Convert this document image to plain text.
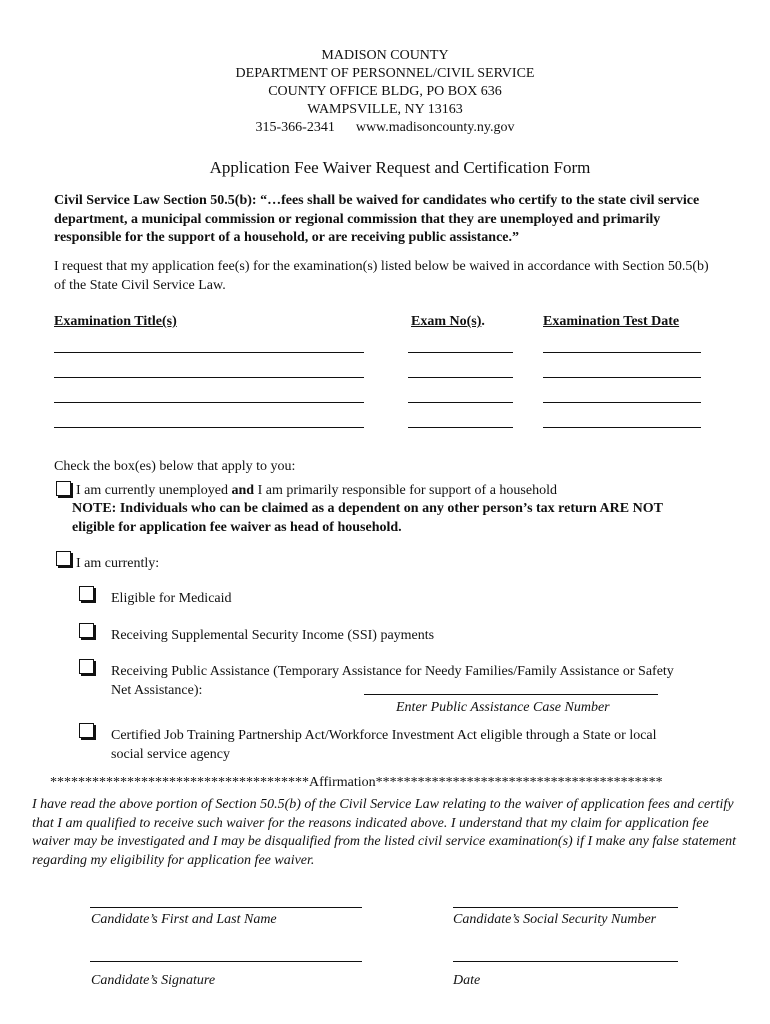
MADISON COUNTY
DEPARTMENT OF PERSONNEL/CIVIL SERVICE
COUNTY OFFICE BLDG, PO BOX 636
WAMPSVILLE, NY 13163
315-366-2341 www.madisoncounty.ny.gov
Application Fee Waiver Request and Certification Form
Civil Service Law Section 50.5(b): “…fees shall be waived for candidates who certify to the state civil service department, a municipal commission or regional commission that they are unemployed and primarily responsible for the support of a household, or are receiving public assistance.”
I request that my application fee(s) for the examination(s) listed below be waived in accordance with Section 50.5(b) of the State Civil Service Law.
Examination Title(s)	Exam No(s).	Examination Test Date
Check the box(es) below that apply to you:
I am currently unemployed and I am primarily responsible for support of a household
NOTE: Individuals who can be claimed as a dependent on any other person’s tax return ARE NOT eligible for application fee waiver as head of household.
I am currently:
Eligible for Medicaid
Receiving Supplemental Security Income (SSI) payments
Receiving Public Assistance (Temporary Assistance for Needy Families/Family Assistance or Safety Net Assistance):
Enter Public Assistance Case Number
Certified Job Training Partnership Act/Workforce Investment Act eligible through a State or local social service agency
*************************************Affirmation*****************************************
I have read the above portion of Section 50.5(b) of the Civil Service Law relating to the waiver of application fees and certify that I am qualified to receive such waiver for the reasons indicated above. I understand that my claim for application fee waiver may be investigated and I may be disqualified from the listed civil service examination(s) if I make any false statement regarding my eligibility for application fee waiver.
Candidate’s First and Last Name	Candidate’s Social Security Number
Candidate’s Signature	Date
